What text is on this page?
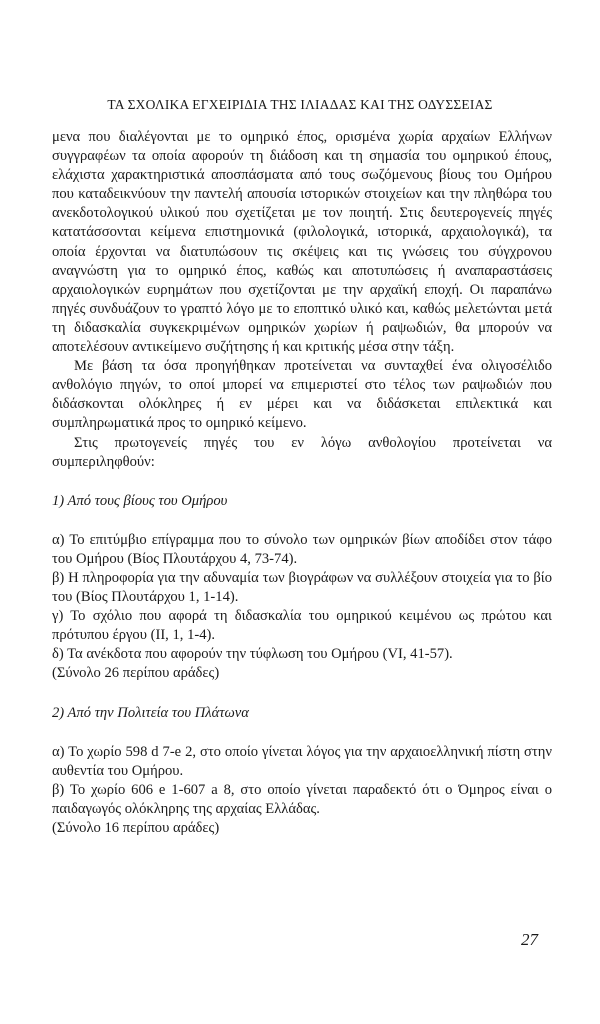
ΤΑ ΣΧΟΛΙΚΑ ΕΓΧΕΙΡΙΔΙΑ ΤΗΣ ΙΛΙΑΔΑΣ ΚΑΙ ΤΗΣ ΟΔΥΣΣΕΙΑΣ

μενα που διαλέγονται με το ομηρικό έπος, ορισμένα χωρία αρχαίων Ελλήνων συγγραφέων τα οποία αφορούν τη διάδοση και τη σημασία του ομηρικού έπους, ελάχιστα χαρακτηριστικά αποσπάσματα από τους σωζόμενους βίους του Ομήρου που καταδεικνύουν την παντελή απουσία ιστορικών στοιχείων και την πληθώρα του ανεκδοτολογικού υλικού που σχετίζεται με τον ποιητή. Στις δευτερογενείς πηγές κατατάσσονται κείμενα επιστημονικά (φιλολογικά, ιστορικά, αρχαιολογικά), τα οποία έρχονται να διατυπώσουν τις σκέψεις και τις γνώσεις του σύγχρονου αναγνώστη για το ομηρικό έπος, καθώς και αποτυπώσεις ή αναπαραστάσεις αρχαιολογικών ευρημάτων που σχετίζονται με την αρχαϊκή εποχή. Οι παραπάνω πηγές συνδυάζουν το γραπτό λόγο με το εποπτικό υλικό και, καθώς μελετώνται μετά τη διδασκαλία συγκεκριμένων ομηρικών χωρίων ή ραψωδιών, θα μπορούν να αποτελέσουν αντικείμενο συζήτησης ή και κριτικής μέσα στην τάξη.

Με βάση τα όσα προηγήθηκαν προτείνεται να συνταχθεί ένα ολιγοσέλιδο ανθολόγιο πηγών, το οποί μπορεί να επιμεριστεί στο τέλος των ραψωδιών που διδάσκονται ολόκληρες ή εν μέρει και να διδάσκεται επιλεκτικά και συμπληρωματικά προς το ομηρικό κείμενο.

Στις πρωτογενείς πηγές του εν λόγω ανθολογίου προτείνεται να συμπεριληφθούν:

1) Από τους βίους του Ομήρου

α) Το επιτύμβιο επίγραμμα που το σύνολο των ομηρικών βίων αποδίδει στον τάφο του Ομήρου (Βίος Πλουτάρχου 4, 73-74).

β) Η πληροφορία για την αδυναμία των βιογράφων να συλλέξουν στοιχεία για το βίο του (Βίος Πλουτάρχου 1, 1-14).

γ) Το σχόλιο που αφορά τη διδασκαλία του ομηρικού κειμένου ως πρώτου και πρότυπου έργου (ΙΙ, 1, 1-4).

δ) Τα ανέκδοτα που αφορούν την τύφλωση του Ομήρου (VI, 41-57).

(Σύνολο 26 περίπου αράδες)

2) Από την Πολιτεία του Πλάτωνα

α) Το χωρίο 598 d 7-e 2, στο οποίο γίνεται λόγος για την αρχαιοελληνική πίστη στην αυθεντία του Ομήρου.

β) Το χωρίο 606 e 1-607 a 8, στο οποίο γίνεται παραδεκτό ότι ο Όμηρος είναι ο παιδαγωγός ολόκληρης της αρχαίας Ελλάδας.

(Σύνολο 16 περίπου αράδες)

27
